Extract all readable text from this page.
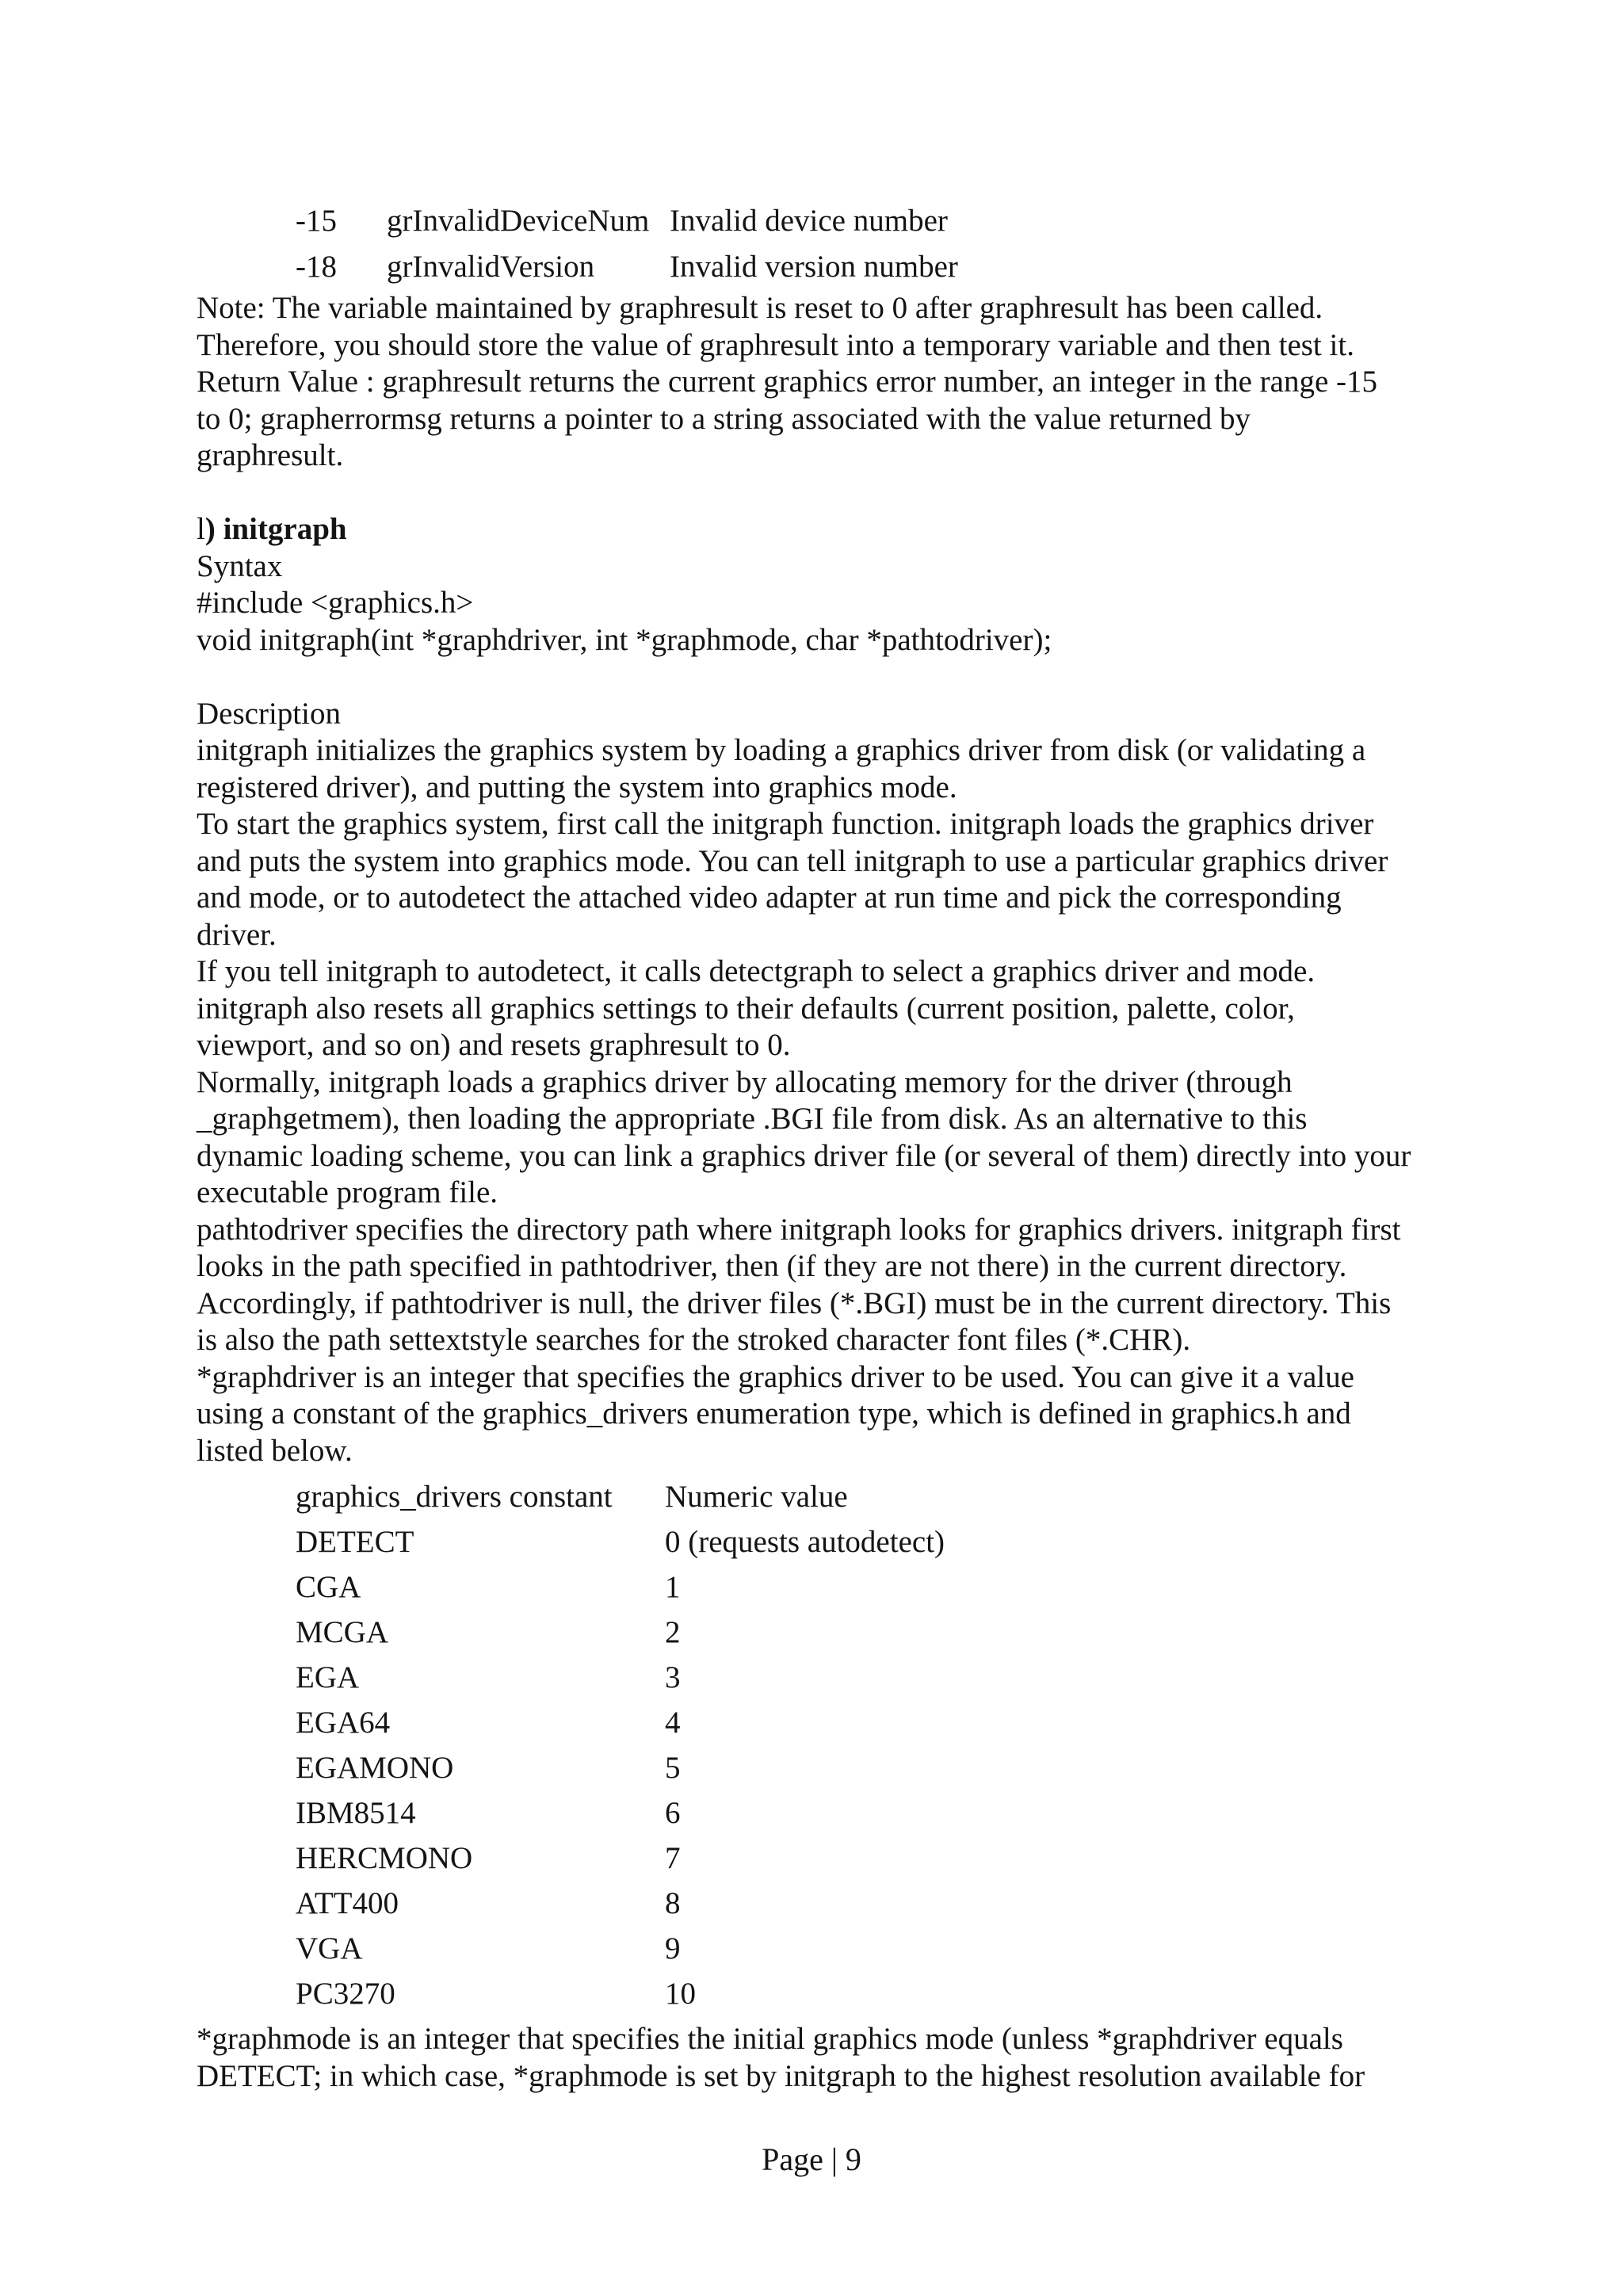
-15 grInvalidDeviceNum Invalid device number
-18 grInvalidVersion Invalid version number

Note: The variable maintained by graphresult is reset to 0 after graphresult has been called.

Therefore, you should store the value of graphresult into a temporary variable and then test it.

Return Value : graphresult returns the current graphics error number, an integer in the range -15

to 0; grapherrormsg returns a pointer to a string associated with the value returned by

graphresult.

l) initgraph

Syntax

#include <graphics.h>

void initgraph(int *graphdriver, int *graphmode, char *pathtodriver);

Description

initgraph initializes the graphics system by loading a graphics driver from disk (or validating a

registered driver), and putting the system into graphics mode.

To start the graphics system, first call the initgraph function. initgraph loads the graphics driver

and puts the system into graphics mode. You can tell initgraph to use a particular graphics driver

and mode, or to autodetect the attached video adapter at run time and pick the corresponding

driver.

If you tell initgraph to autodetect, it calls detectgraph to select a graphics driver and mode.

initgraph also resets all graphics settings to their defaults (current position, palette, color,

viewport, and so on) and resets graphresult to 0.

Normally, initgraph loads a graphics driver by allocating memory for the driver (through

_graphgetmem), then loading the appropriate .BGI file from disk. As an alternative to this

dynamic loading scheme, you can link a graphics driver file (or several of them) directly into your

executable program file.

pathtodriver specifies the directory path where initgraph looks for graphics drivers. initgraph first

looks in the path specified in pathtodriver, then (if they are not there) in the current directory.

Accordingly, if pathtodriver is null, the driver files (*.BGI) must be in the current directory. This

is also the path settextstyle searches for the stroked character font files (*.CHR).

*graphdriver is an integer that specifies the graphics driver to be used. You can give it a value

using a constant of the graphics_drivers enumeration type, which is defined in graphics.h and

listed below.

graphics_drivers constant Numeric value
DETECT	0 (requests autodetect)
CGA	1
MCGA	2
EGA	3
EGA64	4
EGAMONO	5
IBM8514	6
HERCMONO	7
ATT400	8
VGA	9
PC3270	10

*graphmode is an integer that specifies the initial graphics mode (unless *graphdriver equals

DETECT; in which case, *graphmode is set by initgraph to the highest resolution available for

Page | 9
